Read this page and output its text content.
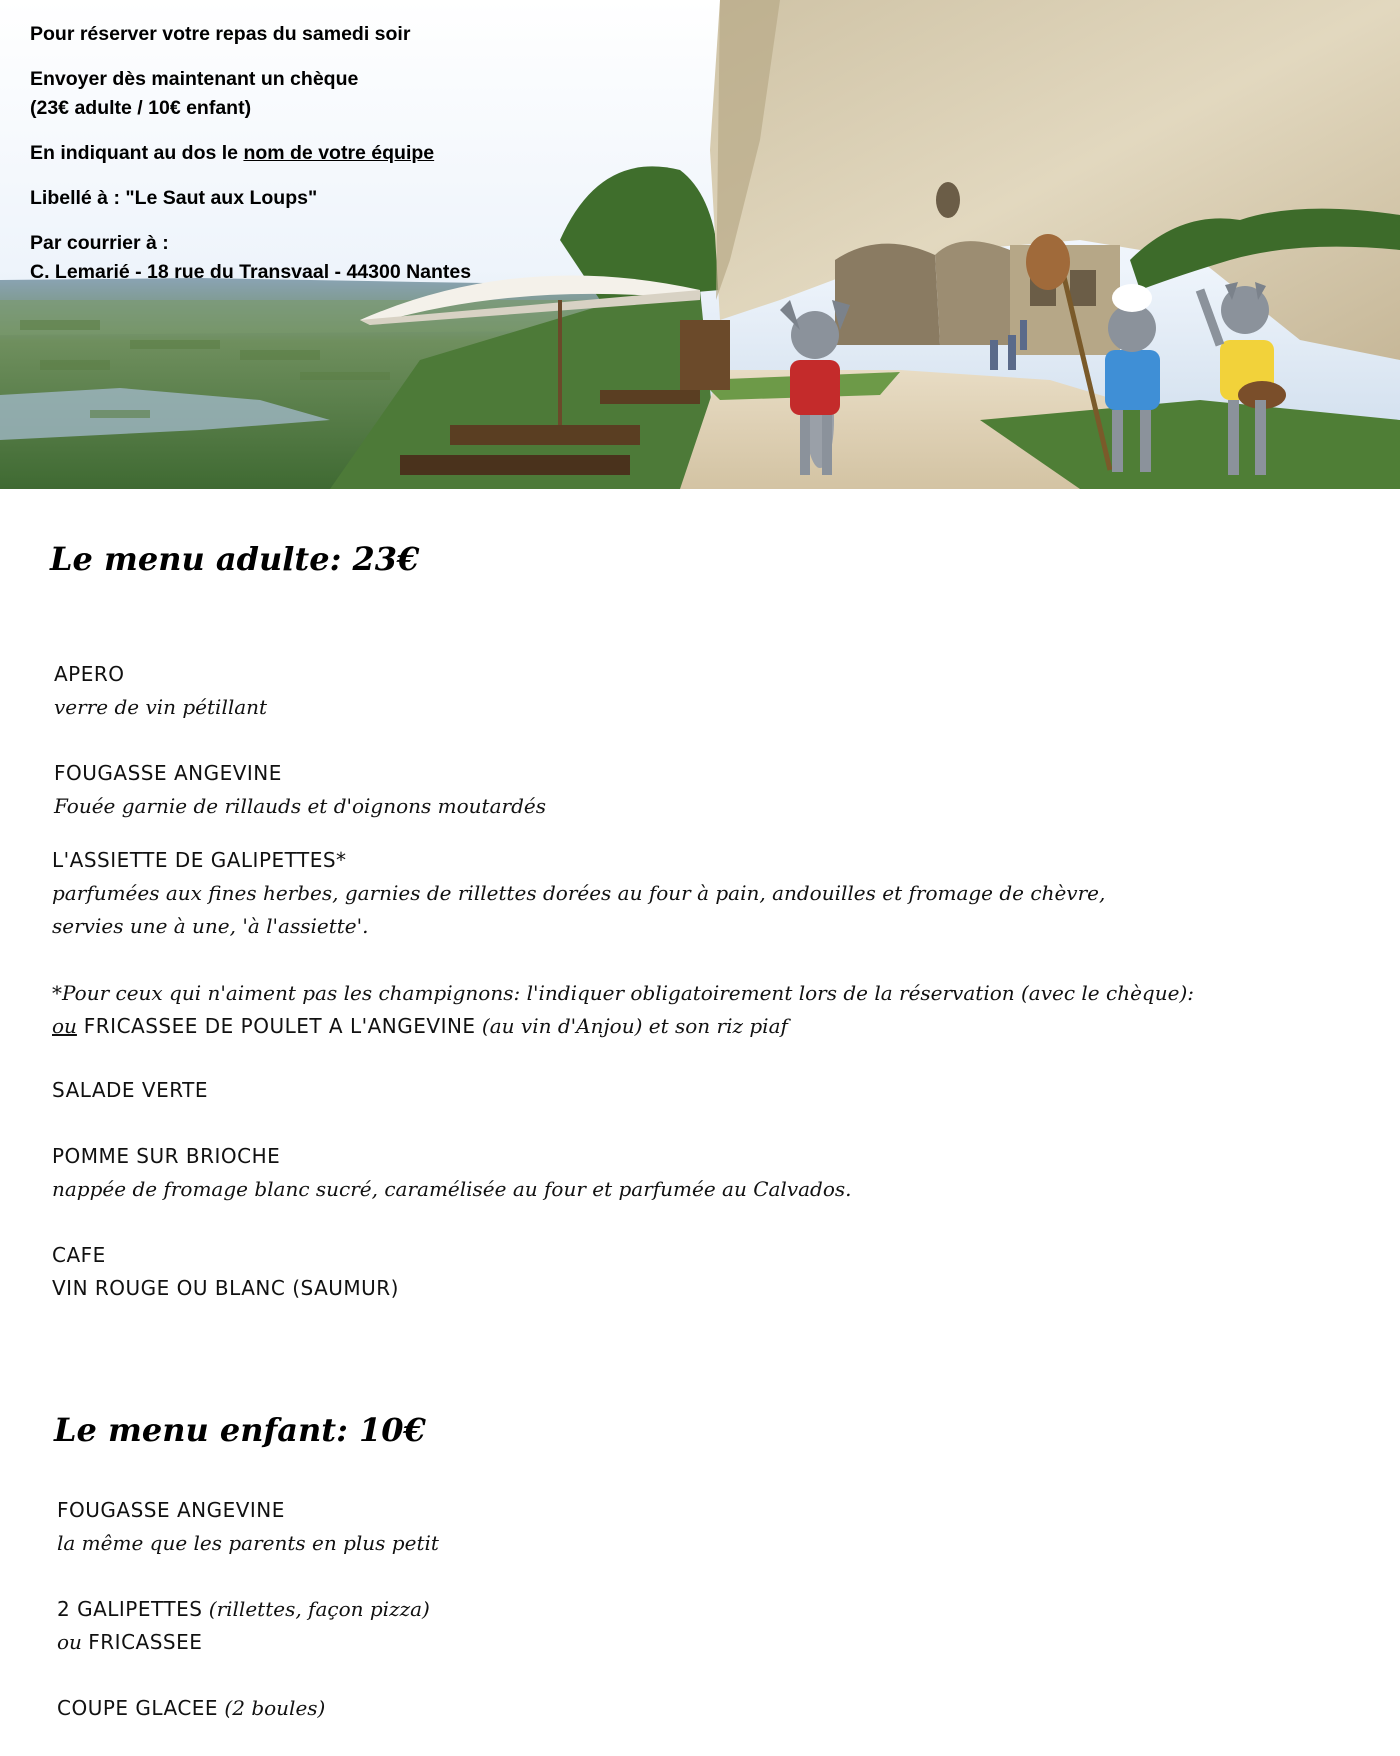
Pour réserver votre repas du samedi soir

Envoyer dès maintenant un chèque
(23€ adulte / 10€ enfant)

En indiquant au dos le nom de votre équipe

Libellé à : "Le Saut aux Loups"

Par courrier à :
C. Lemarié - 18 rue du Transvaal - 44300 Nantes

Le menu adulte: 23€
APERO
verre de vin pétillant
FOUGASSE ANGEVINE
Fouée garnie de rillauds et d'oignons moutardés
L'ASSIETTE DE GALIPETTES*
parfumées aux fines herbes, garnies de rillettes dorées au four à pain, andouilles et fromage de chèvre,
servies une à une, 'à l'assiette'.
*Pour ceux qui n'aiment pas les champignons: l'indiquer obligatoirement lors de la réservation (avec le chèque):
ou FRICASSEE DE POULET A L'ANGEVINE (au vin d'Anjou) et son riz piaf
SALADE VERTE
POMME SUR BRIOCHE
nappée de fromage blanc sucré, caramélisée au four et parfumée au Calvados.
CAFE
VIN ROUGE OU BLANC (SAUMUR)
Le menu enfant: 10€
FOUGASSE ANGEVINE
la même que les parents en plus petit
2 GALIPETTES (rillettes, façon pizza)
ou FRICASSEE
COUPE GLACEE (2 boules)
